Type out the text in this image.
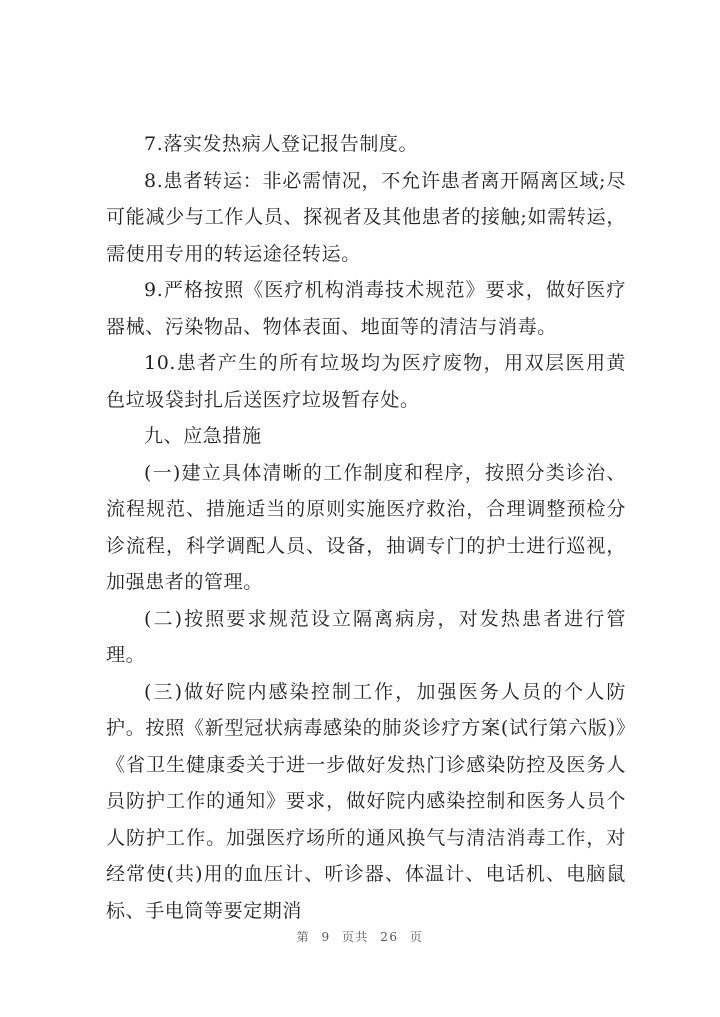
7.落实发热病人登记报告制度。

8.患者转运：非必需情况，不允许患者离开隔离区域;尽可能减少与工作人员、探视者及其他患者的接触;如需转运，需使用专用的转运途径转运。

9.严格按照《医疗机构消毒技术规范》要求，做好医疗器械、污染物品、物体表面、地面等的清洁与消毒。

10.患者产生的所有垃圾均为医疗废物，用双层医用黄色垃圾袋封扎后送医疗垃圾暂存处。

九、应急措施

(一)建立具体清晰的工作制度和程序，按照分类诊治、流程规范、措施适当的原则实施医疗救治，合理调整预检分诊流程，科学调配人员、设备，抽调专门的护士进行巡视，加强患者的管理。

(二)按照要求规范设立隔离病房，对发热患者进行管理。

(三)做好院内感染控制工作，加强医务人员的个人防护。按照《新型冠状病毒感染的肺炎诊疗方案(试行第六版)》《省卫生健康委关于进一步做好发热门诊感染防控及医务人员防护工作的通知》要求，做好院内感染控制和医务人员个人防护工作。加强医疗场所的通风换气与清洁消毒工作，对经常使(共)用的血压计、听诊器、体温计、电话机、电脑鼠标、手电筒等要定期消

第 9 页共 26 页
